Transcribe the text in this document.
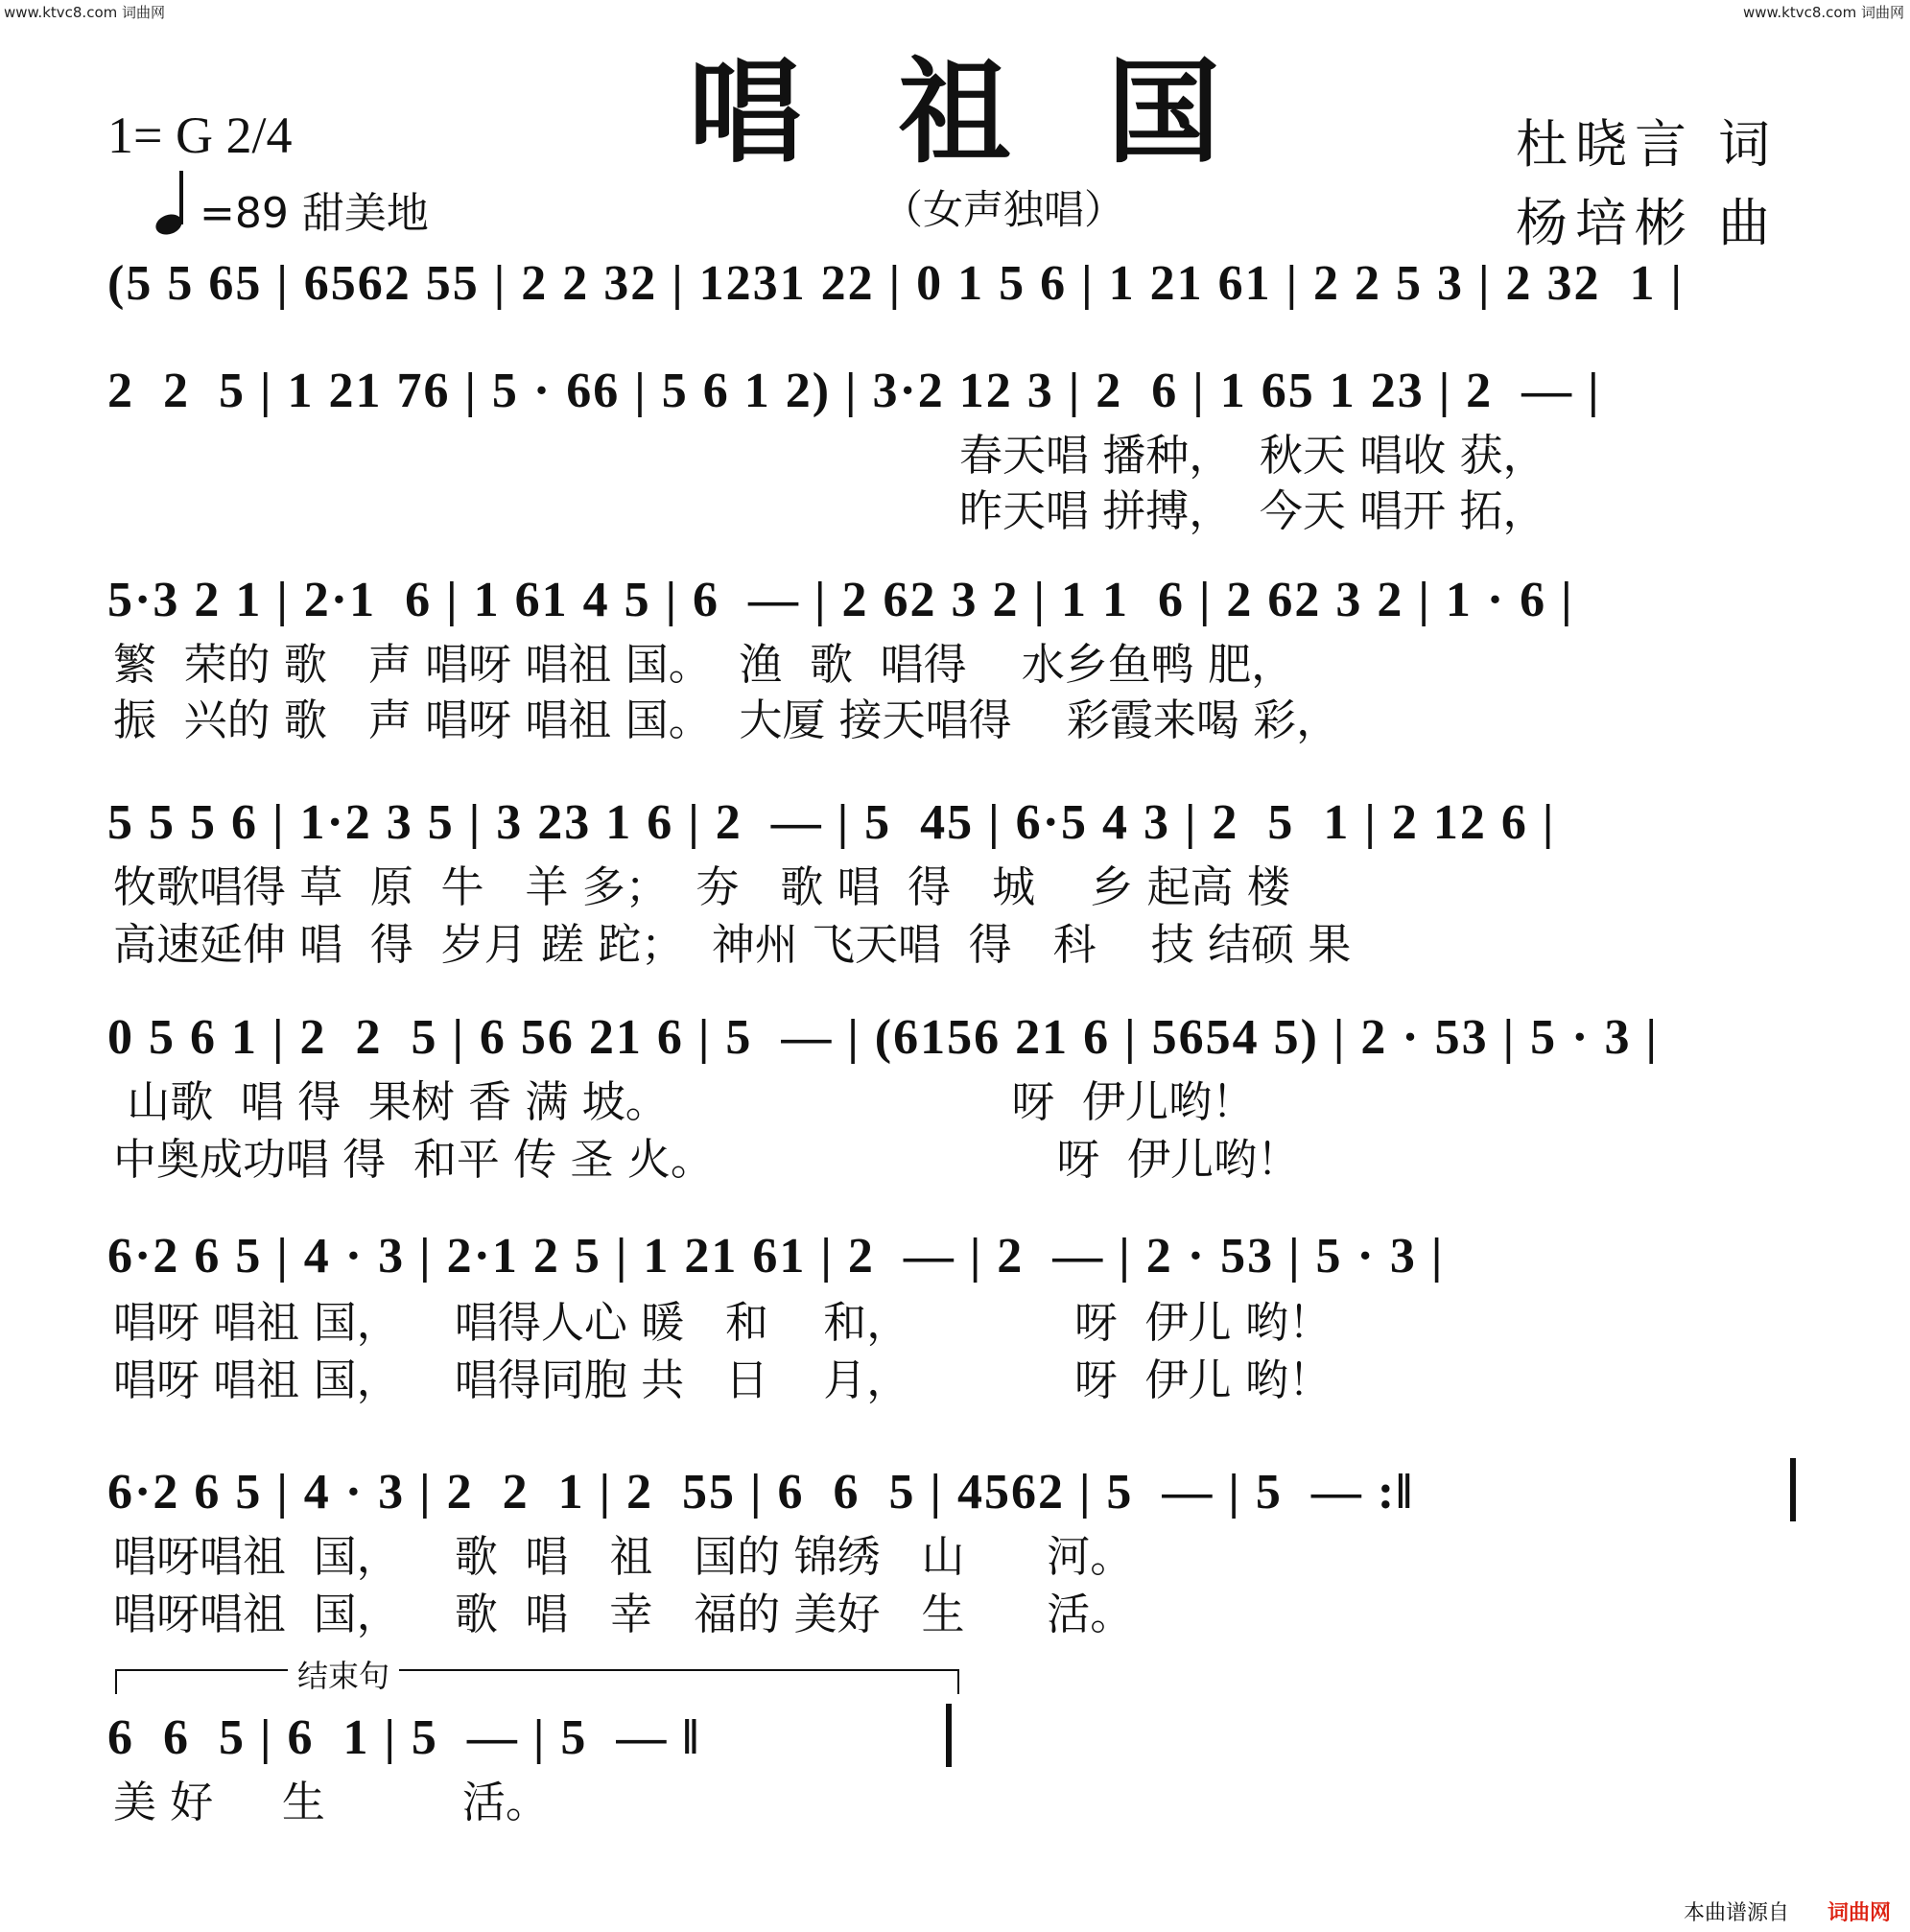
www.ktvc8.com 词曲网	www.ktvc8.com 词曲网
唱祖国
1= G 2/4
=89 甜美地	（女声独唱）
杜晓言 词
杨培彬 曲
(5 5 65 | 6562 55 | 2 2 32 | 1231 22 | 0 1 5 6 | 1 21 61 | 2 2 5 3 | 2 32  1 |
2  2  5 | 1 21 76 | 5 · 66 | 5 6 1 2) | 3·2 12 3 | 2  6 | 1 65 1 23 | 2  — |
春天唱 播种，  秋天 唱收 获，
昨天唱 拼搏，  今天 唱开 拓，
5·3 2 1 | 2·1  6 | 1 61 4 5 | 6  — | 2 62 3 2 | 1 1  6 | 2 62 3 2 | 1 · 6 |
繁  荣的 歌   声 唱呀 唱祖 国。  渔  歌  唱得    水乡鱼鸭 肥，
振  兴的 歌   声 唱呀 唱祖 国。  大厦 接天唱得    彩霞来喝 彩，
5 5 5 6 | 1·2 3 5 | 3 23 1 6 | 2  — | 5  45 | 6·5 4 3 | 2  5  1 | 2 12 6 |
牧歌唱得 草  原  牛   羊 多；  夯   歌 唱  得   城    乡 起高 楼
高速延伸 唱  得  岁月 蹉 跎；  神州 飞天唱  得   科    技 结硕 果
0 5 6 1 | 2  2  5 | 6 56 21 6 | 5  — | (6156 21 6 | 5654 5) | 2 · 53 | 5 · 3 |
山歌  唱 得  果树 香 满 坡。                         呀  伊儿哟！
中奥成功唱 得  和平 传 圣 火。                         呀  伊儿哟！
6·2 6 5 | 4 · 3 | 2·1 2 5 | 1 21 61 | 2  — | 2  — | 2 · 53 | 5 · 3 |
唱呀 唱祖 国，    唱得人心 暖   和    和，            呀  伊儿 哟！
唱呀 唱祖 国，    唱得同胞 共   日    月，            呀  伊儿 哟！
6·2 6 5 | 4 · 3 | 2  2  1 | 2  55 | 6  6  5 | 4562 | 5  — | 5  — :‖
唱呀唱祖  国，    歌  唱   祖   国的 锦绣   山      河。
唱呀唱祖  国，    歌  唱   幸   福的 美好   生      活。
结束句
6  6  5 | 6  1 | 5  — | 5  — ‖
美 好     生          活。
本曲谱源自 词曲网
